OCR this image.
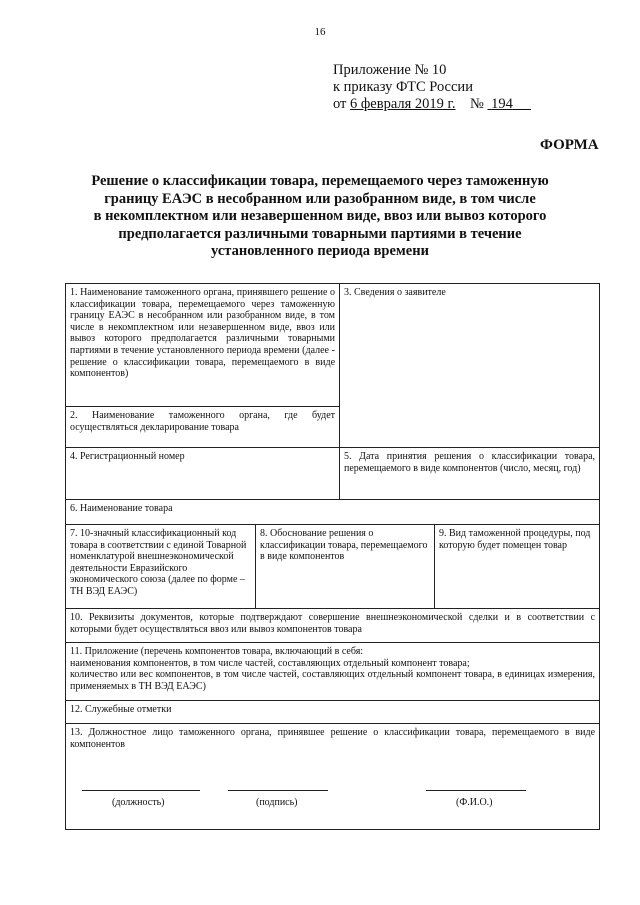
16
Приложение № 10
к приказу ФТС России
от 6 февраля 2019 г. № 194
ФОРМА
Решение о классификации товара, перемещаемого через таможенную
границу ЕАЭС в несобранном или разобранном виде, в том числе
в некомплектном или незавершенном виде, ввоз или вывоз которого
предполагается различными товарными партиями в течение
установленного периода времени
1. Наименование таможенного органа, принявшего решение о классификации товара, перемещаемого через таможенную границу ЕАЭС в несобранном или разобранном виде, в том числе в некомплектном или незавершенном виде, ввоз или вывоз которого предполагается различными товарными партиями в течение установленного периода времени (далее - решение о классификации товара, перемещаемого в виде компонентов)		3. Сведения о заявителе	
2. Наименование таможенного органа, где будет осуществляться декларирование товара			
4. Регистрационный номер		5. Дата принятия решения о классификации товара, перемещаемого в виде компонентов (число, месяц, год)	
6. Наименование товара			
7. 10-значный классификационный код товара в соответствии с единой Товарной номенклатурой внешнеэкономической деятельности Евразийского экономического союза (далее по форме – ТН ВЭД ЕАЭС)	8. Обоснование решения о классификации товара, перемещаемого в виде компонентов		9. Вид таможенной процедуры, под которую будет помещен товар
10. Реквизиты документов, которые подтверждают совершение внешнеэкономической сделки и в соответствии с которыми будет осуществляться ввоз или вывоз компонентов товара			

11. Приложение (перечень компонентов товара, включающий в себя:
наименования компонентов, в том числе частей, составляющих отдельный компонент товара;
количество или вес компонентов, в том числе частей, составляющих отдельный компонент товара, в единицах измерения, применяемых в ТН ВЭД ЕАЭС)			

12. Служебные отметки			

13. Должностное лицо таможенного органа, принявшее решение о классификации товара, перемещаемого в виде компонентов
(должность) (подпись) (Ф.И.О.)			
